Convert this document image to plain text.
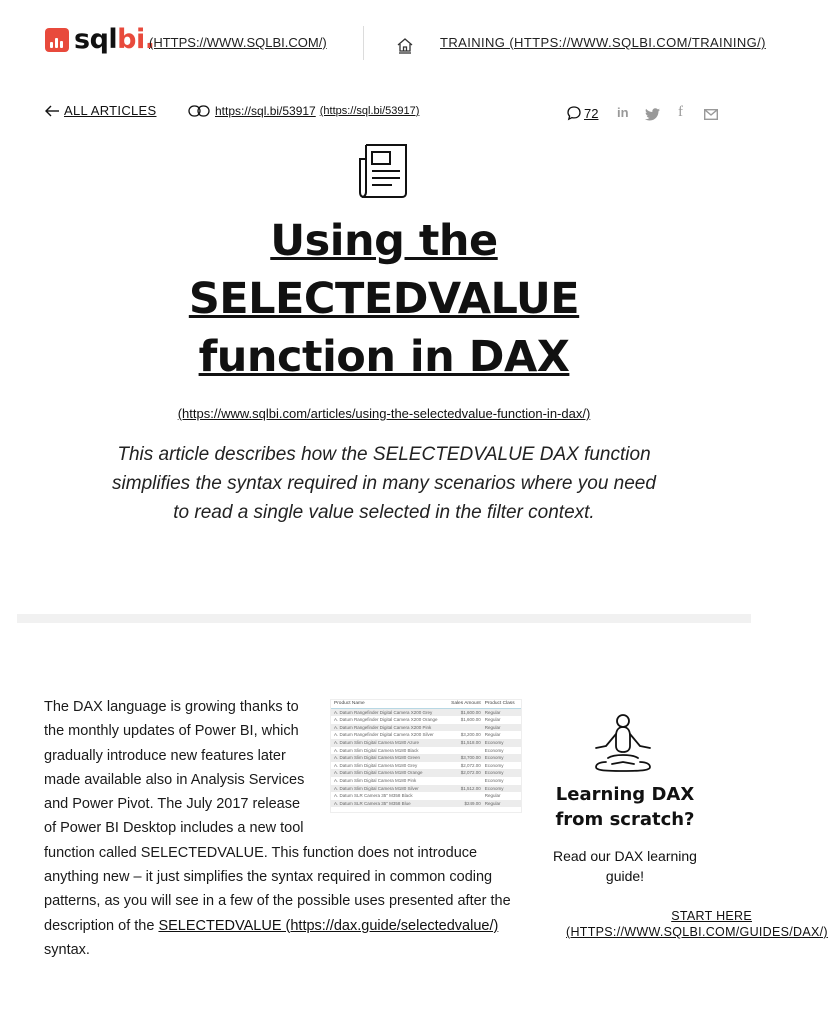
sqlbi.
(HTTPS://WWW.SQLBI.COM/)	TRAINING (HTTPS://WWW.SQLBI.COM/TRAINING/)
ALL ARTICLES	https://sql.bi/53917 (https://sql.bi/53917)	72 in	f
Using the SELECTEDVALUE function in DAX
(https://www.sqlbi.com/articles/using-the-selectedvalue-function-in-dax/)

This article describes how the SELECTEDVALUE DAX function simplifies the syntax required in many scenarios where you need to read a single value selected in the filter context.

Product Name	Sales Amount Product Class
A. Datum Rangefinder Digital Camera X200 Grey	$1,600.00 Regular
A. Datum Rangefinder Digital Camera X200 Orange	$1,600.00 Regular
A. Datum Rangefinder Digital Camera X200 Pink	Regular
A. Datum Rangefinder Digital Camera X200 Silver	$3,200.00 Regular
A. Datum Slim Digital Camera M180 Azure	$1,518.00 Economy
A. Datum Slim Digital Camera M180 Black	Economy
A. Datum Slim Digital Camera M180 Green	$3,700.00 Economy
A. Datum Slim Digital Camera M180 Grey	$2,072.00 Economy
A. Datum Slim Digital Camera M180 Orange	$2,072.00 Economy
A. Datum Slim Digital Camera M180 Pink	Economy
A. Datum Slim Digital Camera M180 Silver	$1,512.00 Economy
A. Datum SLR Camera 35" M358 Black	Regular
A. Datum SLR Camera 35" M358 Blue	$249.00 Regular
The DAX language is growing thanks to the monthly updates of Power BI, which gradually introduce new features later made available also in Analysis Services and Power Pivot. The July 2017 release of Power BI Desktop includes a new tool function called SELECTEDVALUE. This function does not introduce anything new – it just simplifies the syntax required in common coding patterns, as you will see in a few of the possible uses presented after the description of the SELECTEDVALUE (https://dax.guide/selectedvalue/) syntax.
Learning DAX from scratch?
Read our DAX learning guide!
START HERE
(HTTPS://WWW.SQLBI.COM/GUIDES/DAX/)
